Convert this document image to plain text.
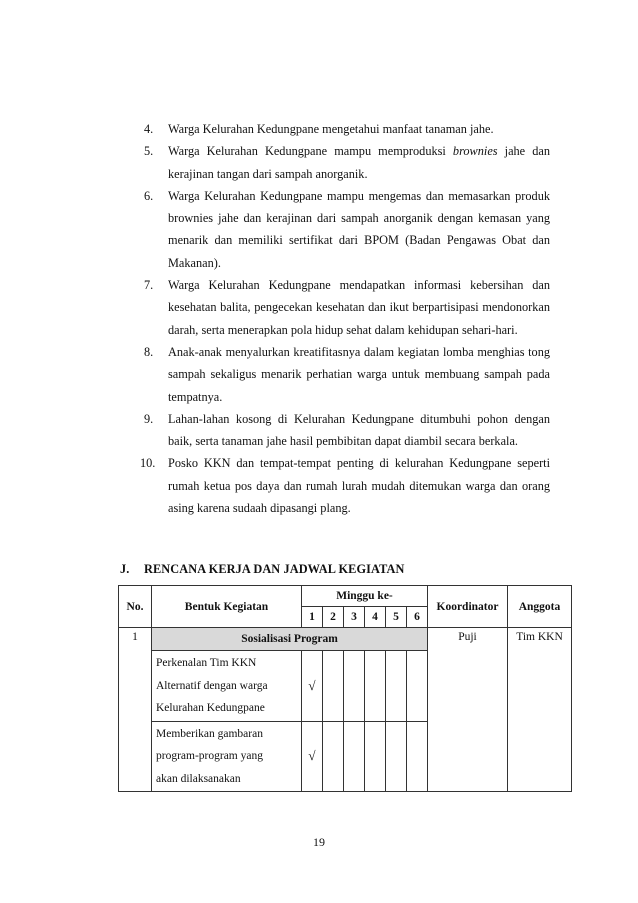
4. Warga Kelurahan Kedungpane mengetahui manfaat tanaman jahe.
5. Warga Kelurahan Kedungpane mampu memproduksi brownies jahe dan kerajinan tangan dari sampah anorganik.
6. Warga Kelurahan Kedungpane mampu mengemas dan memasarkan produk brownies jahe dan kerajinan dari sampah anorganik dengan kemasan yang menarik dan memiliki sertifikat dari BPOM (Badan Pengawas Obat dan Makanan).
7. Warga Kelurahan Kedungpane mendapatkan informasi kebersihan dan kesehatan balita, pengecekan kesehatan dan ikut berpartisipasi mendonorkan darah, serta menerapkan pola hidup sehat dalam kehidupan sehari-hari.
8. Anak-anak menyalurkan kreatifitasnya dalam kegiatan lomba menghias tong sampah sekaligus menarik perhatian warga untuk membuang sampah pada tempatnya.
9. Lahan-lahan kosong di Kelurahan Kedungpane ditumbuhi pohon dengan baik, serta tanaman jahe hasil pembibitan dapat diambil secara berkala.
10. Posko KKN dan tempat-tempat penting di kelurahan Kedungpane seperti rumah ketua pos daya dan rumah lurah mudah ditemukan warga dan orang asing karena sudaah dipasangi plang.
J. RENCANA KERJA DAN JADWAL KEGIATAN
No.	Bentuk Kegiatan	Minggu ke-						Koordinator	Anggota
		1	2	3	4	5	6		
1	Sosialisasi Program							Puji	Tim KKN

	Perkenalan Tim KKN
Alternatif dengan warga
Kelurahan Kedungpane	√							

	Memberikan gambaran
program-program yang
akan dilaksanakan	√							
19
